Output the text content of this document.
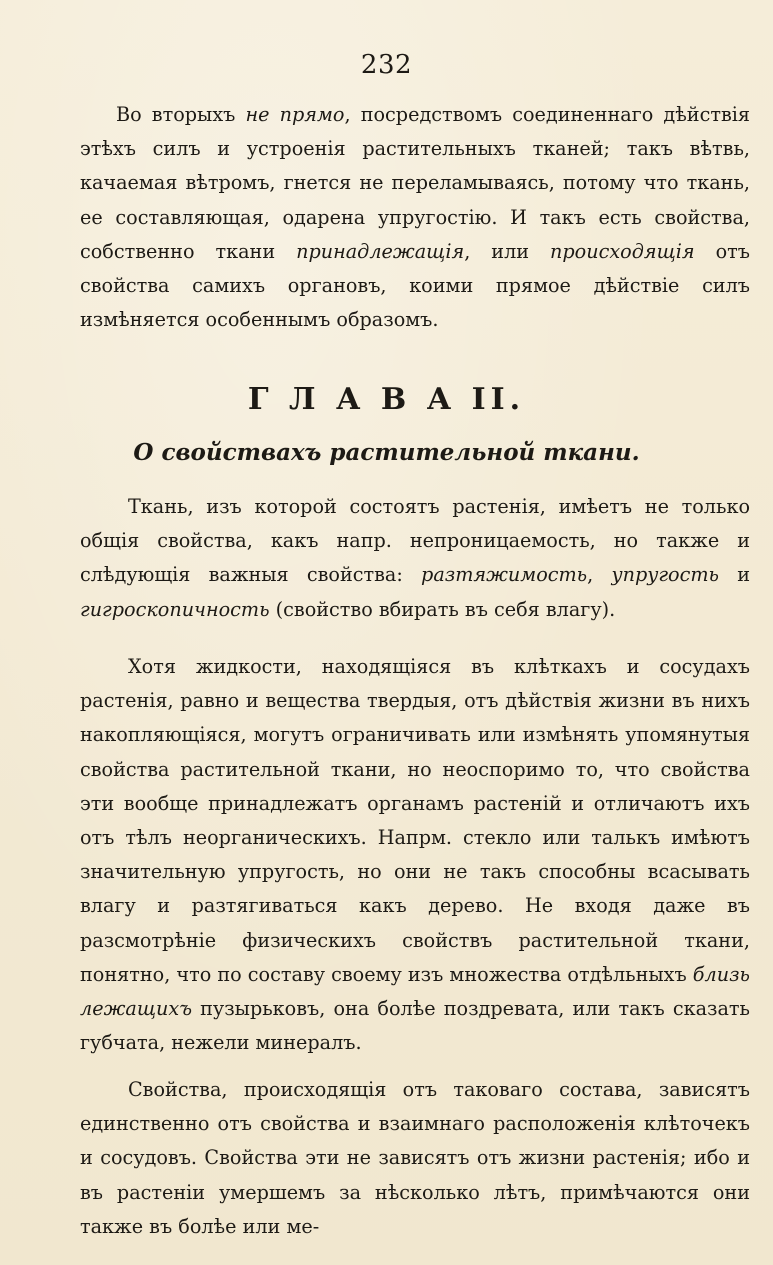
232

Во вторыхъ не прямо, посредствомъ соединеннаго дѣйствія этѣхъ силъ и устроенія растительныхъ тканей; такъ вѣтвь, качаемая вѣтромъ, гнется не переламываясь, потому что ткань, ее составляющая, одарена упругостію. И такъ есть свойства, собственно ткани принадлежащія, или происходящія отъ свойства самихъ органовъ, коими прямое дѣйствіе силъ измѣняется особеннымъ образомъ.

Г Л А В А II.
О свойствахъ растительной ткани.

Ткань, изъ которой состоятъ растенія, имѣетъ не только общія свойства, какъ напр. непроницаемость, но также и слѣдующія важныя свойства: разтяжимость, упругость и гигроскопичность (свойство вбирать въ себя влагу).

Хотя жидкости, находящіяся въ клѣткахъ и сосудахъ растенія, равно и вещества твердыя, отъ дѣйствія жизни въ нихъ накопляющіяся, могутъ ограничивать или измѣнять упомянутыя свойства растительной ткани, но неоспоримо то, что свойства эти вообще принадлежатъ органамъ растеній и отличаютъ ихъ отъ тѣлъ неорганическихъ. Напрм. стекло или талькъ имѣютъ значительную упругость, но они не такъ способны всасывать влагу и разтягиваться какъ дерево. Не входя даже въ разсмотрѣніе физическихъ свойствъ растительной ткани, понятно, что по составу своему изъ множества отдѣльныхъ близь лежащихъ пузырьковъ, она болѣе поздревата, или такъ сказать губчата, нежели минералъ.

Свойства, происходящія отъ таковаго состава, зависятъ единственно отъ свойства и взаимнаго расположенія клѣточекъ и сосудовъ. Свойства эти не зависятъ отъ жизни растенія; ибо и въ растеніи умершемъ за нѣсколько лѣтъ, примѣчаются они также въ болѣе или ме-
